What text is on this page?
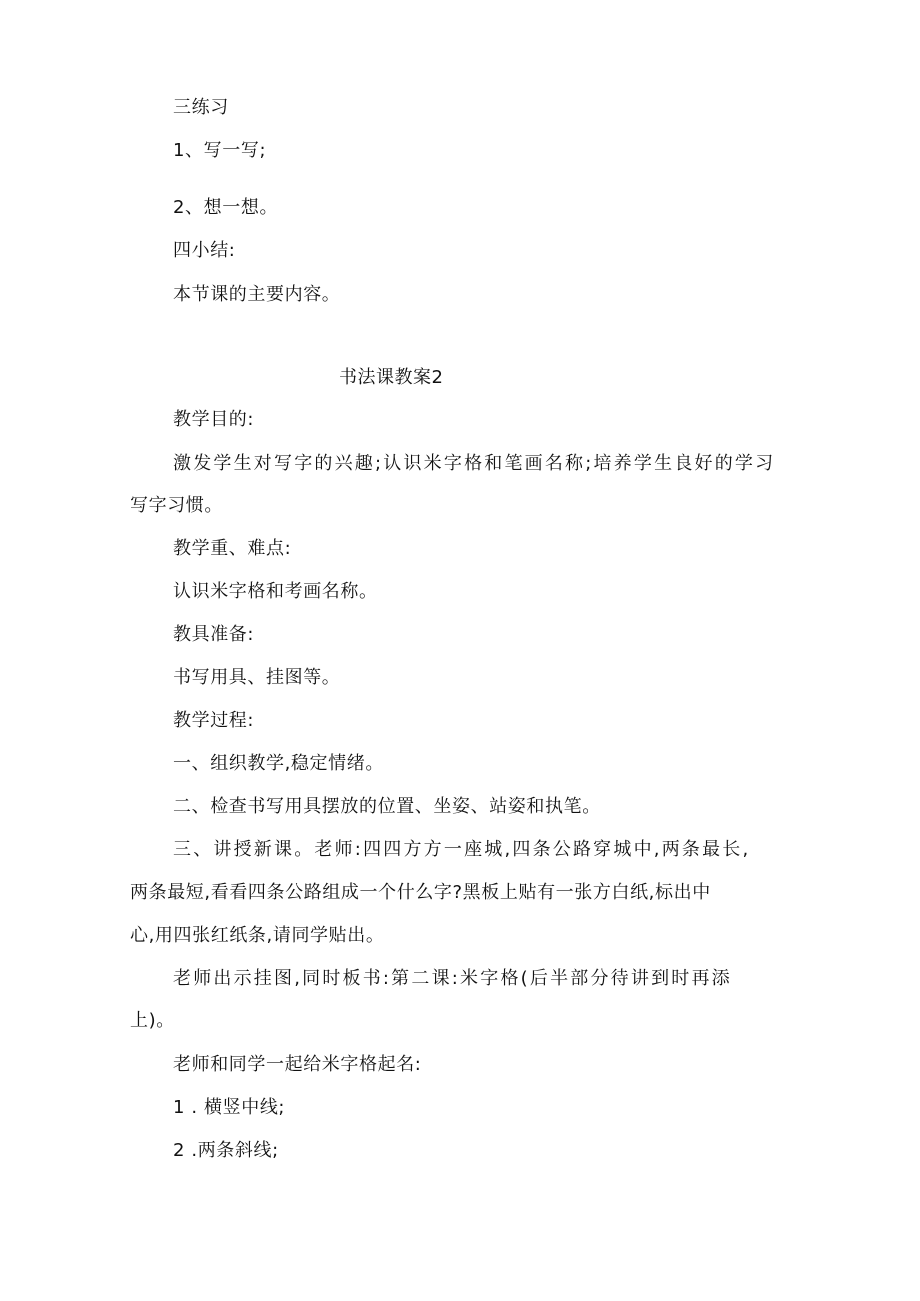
三练习
1、写一写;
2、想一想。
四小结:
本节课的主要内容。
书法课教案2
教学目的:
激发学生对写字的兴趣;认识米字格和笔画名称;培养学生良好的学习
写字习惯。
教学重、难点:
认识米字格和考画名称。
教具准备:
书写用具、挂图等。
教学过程:
一、组织教学,稳定情绪。
二、检查书写用具摆放的位置、坐姿、站姿和执笔。
三、讲授新课。老师:四四方方一座城,四条公路穿城中,两条最长,
两条最短,看看四条公路组成一个什么字?黑板上贴有一张方白纸,标出中
心,用四张红纸条,请同学贴出。
老师出示挂图,同时板书:第二课:米字格(后半部分待讲到时再添
上)。
老师和同学一起给米字格起名:
1 . 横竖中线;
2 .两条斜线;
